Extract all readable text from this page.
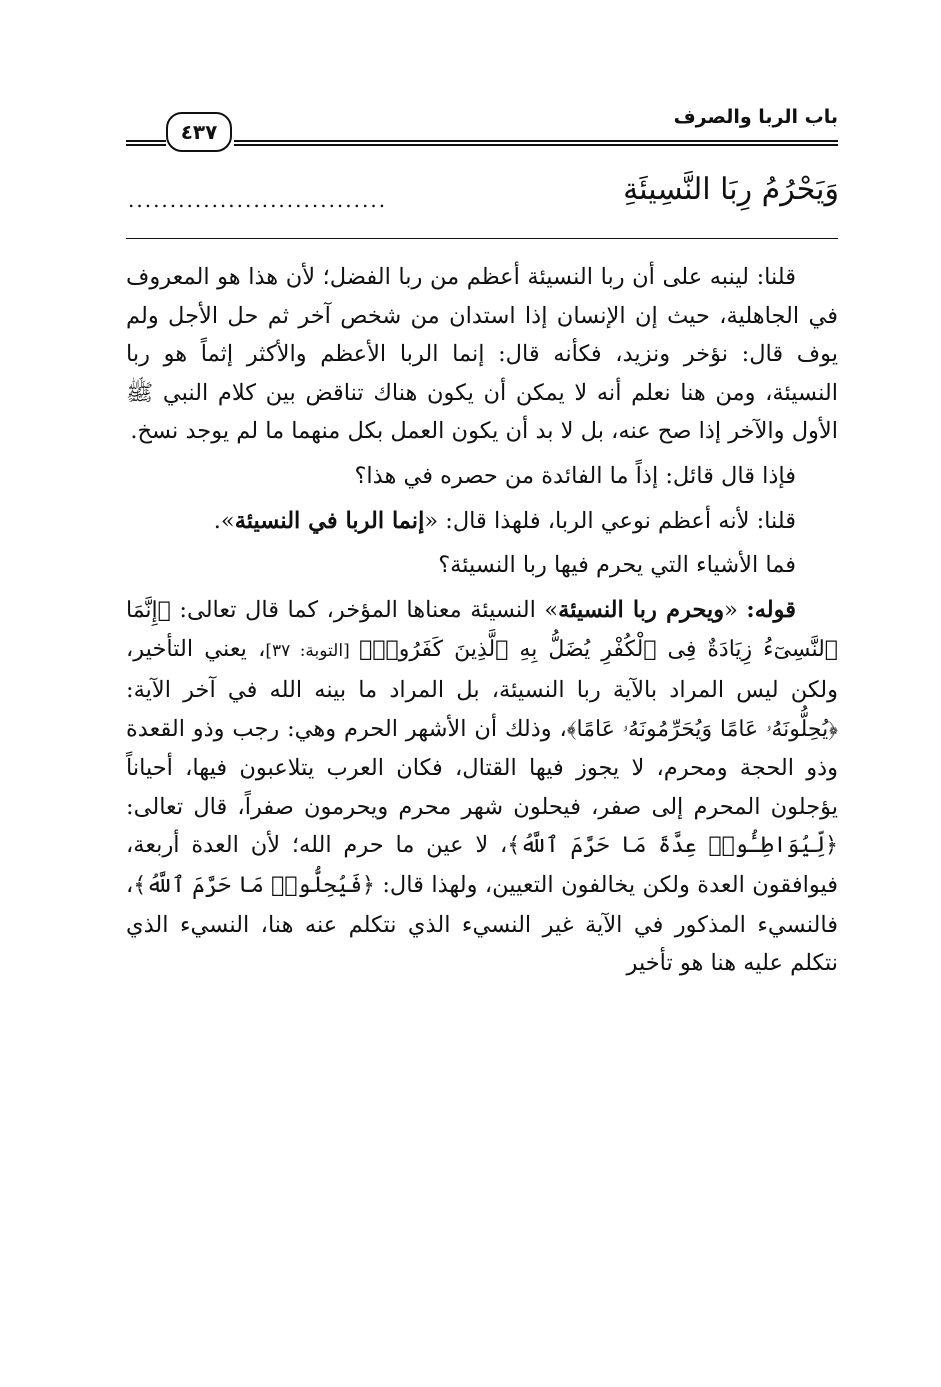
باب الربا والصرف
٤٣٧
وَيَحْرُمُ رِبَا النَّسِيئَةِ
...............................

قلنا: لينبه على أن ربا النسيئة أعظم من ربا الفضل؛ لأن هذا هو المعروف في الجاهلية، حيث إن الإنسان إذا استدان من شخص آخر ثم حل الأجل ولم يوف قال: نؤخر ونزيد، فكأنه قال: إنما الربا الأعظم والأكثر إثماً هو ربا النسيئة، ومن هنا نعلم أنه لا يمكن أن يكون هناك تناقض بين كلام النبي ﷺ الأول والآخر إذا صح عنه، بل لا بد أن يكون العمل بكل منهما ما لم يوجد نسخ.

فإذا قال قائل: إذاً ما الفائدة من حصره في هذا؟

قلنا: لأنه أعظم نوعي الربا، فلهذا قال: «إنما الربا في النسيئة».

فما الأشياء التي يحرم فيها ربا النسيئة؟

قوله: «ويحرم ربا النسيئة» النسيئة معناها المؤخر، كما قال تعالى: ﴿إِنَّمَا ٱلنَّسِىٓءُ زِيَادَةٌ فِى ٱلْكُفْرِ يُضَلُّ بِهِ ٱلَّذِينَ كَفَرُوا۟﴾ [التوبة: ٣٧]، يعني التأخير، ولكن ليس المراد بالآية ربا النسيئة، بل المراد ما بينه الله في آخر الآية: ﴿يُحِلُّونَهُۥ عَامًا وَيُحَرِّمُونَهُۥ عَامًا﴾، وذلك أن الأشهر الحرم وهي: رجب وذو القعدة وذو الحجة ومحرم، لا يجوز فيها القتال، فكان العرب يتلاعبون فيها، أحياناً يؤجلون المحرم إلى صفر، فيحلون شهر محرم ويحرمون صفراً، قال تعالى: ﴿لِّيُوَاطِـُٔوا۟ عِدَّةَ مَا حَرَّمَ ٱللَّهُ﴾، لا عين ما حرم الله؛ لأن العدة أربعة، فيوافقون العدة ولكن يخالفون التعيين، ولهذا قال: ﴿فَيُحِلُّوا۟ مَا حَرَّمَ ٱللَّهُ﴾، فالنسيء المذكور في الآية غير النسيء الذي نتكلم عنه هنا، النسيء الذي نتكلم عليه هنا هو تأخير
